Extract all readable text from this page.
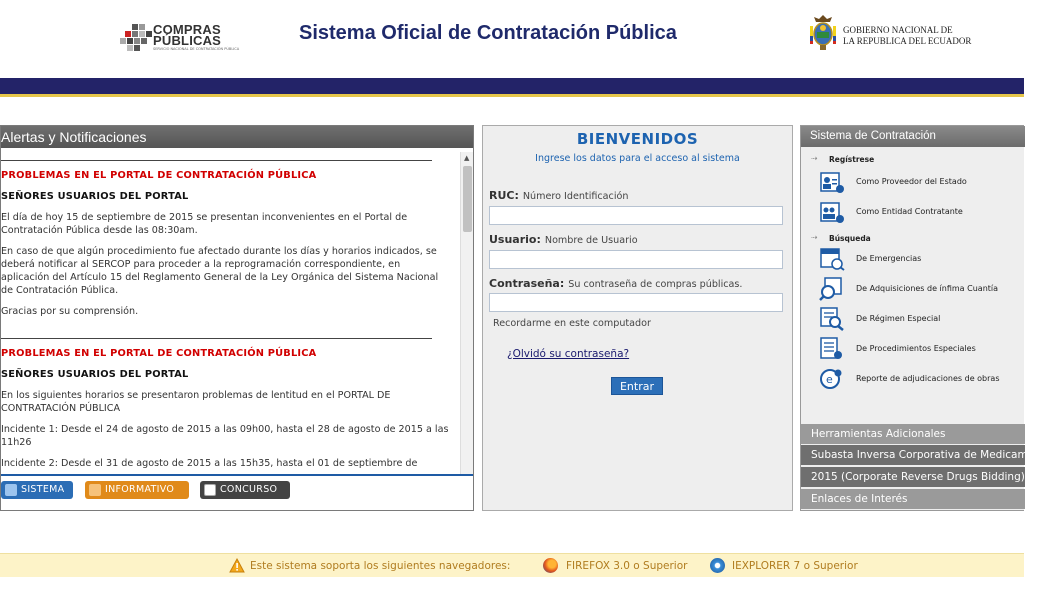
COMPRAS
PÚBLICAS
SERVICIO NACIONAL DE CONTRATACIÓN PÚBLICA
Sistema Oficial de Contratación Pública	GOBIERNO NACIONAL DE
LA REPUBLICA DEL ECUADOR
Alertas y Notificaciones
PROBLEMAS EN EL PORTAL DE CONTRATACIÓN PÚBLICA
SEÑORES USUARIOS DEL PORTAL
El día de hoy 15 de septiembre de 2015 se presentan inconvenientes en el Portal de Contratación Pública desde las 08:30am.
En caso de que algún procedimiento fue afectado durante los días y horarios indicados, se deberá notificar al SERCOP para proceder a la reprogramación correspondiente, en aplicación del Artículo 15 del Reglamento General de la Ley Orgánica del Sistema Nacional de Contratación Pública.
Gracias por su comprensión.
PROBLEMAS EN EL PORTAL DE CONTRATACIÓN PÚBLICA
SEÑORES USUARIOS DEL PORTAL
En los siguientes horarios se presentaron problemas de lentitud en el PORTAL DE CONTRATACIÓN PÚBLICA
Incidente 1: Desde el 24 de agosto de 2015 a las 09h00, hasta el 28 de agosto de 2015 a las 11h26
Incidente 2: Desde el 31 de agosto de 2015 a las 15h35, hasta el 01 de septiembre de
▲
SISTEMA	INFORMATIVO	CONCURSO
BIENVENIDOS
Ingrese los datos para el acceso al sistema
RUC: Número Identificación
Usuario: Nombre de Usuario
Contraseña: Su contraseña de compras públicas.
Recordarme en este computador
¿Olvidó su contraseña?
Entrar
Sistema de Contratación
⇢ Regístrese
Como Proveedor del Estado
Como Entidad Contratante
⇢ Búsqueda
De Emergencias
De Adquisiciones de ínfima Cuantía
De Régimen Especial
De Procedimientos Especiales
e	Reporte de adjudicaciones de obras
Herramientas Adicionales
Subasta Inversa Corporativa de Medicamentos
2015 (Corporate Reverse Drugs Bidding)
Enlaces de Interés
Este sistema soporta los siguientes navegadores:	FIREFOX 3.0 o Superior	IEXPLORER 7 o Superior
